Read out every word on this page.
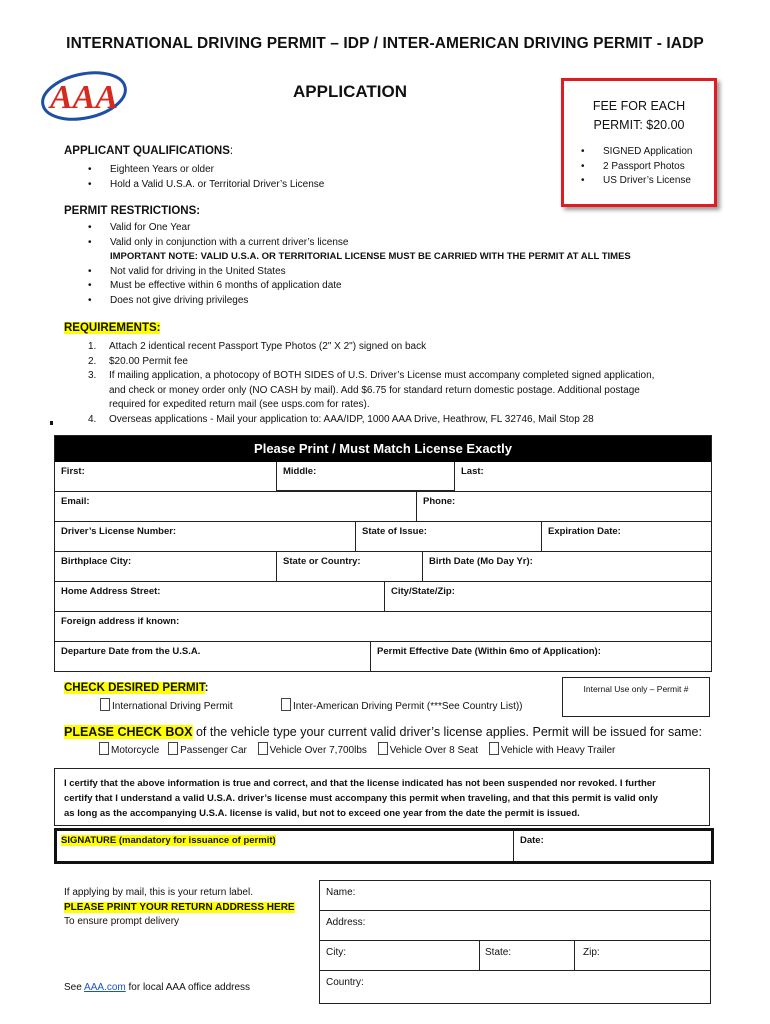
INTERNATIONAL DRIVING PERMIT – IDP / INTER-AMERICAN DRIVING PERMIT - IADP
AAA	APPLICATION
FEE FOR EACH
PERMIT: $20.00
• SIGNED Application
• 2 Passport Photos
• US Driver’s License
APPLICANT QUALIFICATIONS:
• Eighteen Years or older
• Hold a Valid U.S.A. or Territorial Driver’s License
PERMIT RESTRICTIONS:
• Valid for One Year
• Valid only in conjunction with a current driver’s license
IMPORTANT NOTE: VALID U.S.A. OR TERRITORIAL LICENSE MUST BE CARRIED WITH THE PERMIT AT ALL TIMES
• Not valid for driving in the United States
• Must be effective within 6 months of application date
• Does not give driving privileges
REQUIREMENTS:
1. Attach 2 identical recent Passport Type Photos (2" X 2") signed on back
2. $20.00 Permit fee
3. If mailing application, a photocopy of BOTH SIDES of U.S. Driver’s License must accompany completed signed application,
and check or money order only (NO CASH by mail). Add $6.75 for standard return domestic postage. Additional postage
required for expedited return mail (see usps.com for rates).
4. Overseas applications - Mail your application to: AAA/IDP, 1000 AAA Drive, Heathrow, FL 32746, Mail Stop 28
Please Print / Must Match License Exactly
First:	Middle:	Last:
Email:	Phone:
Driver’s License Number:	State of Issue:	Expiration Date:
Birthplace City:	State or Country:	Birth Date (Mo Day Yr):
Home Address Street:	City/State/Zip:
Foreign address if known:
Departure Date from the U.S.A.	Permit Effective Date (Within 6mo of Application):
CHECK DESIRED PERMIT:
International Driving Permit	Inter-American Driving Permit (***See Country List))
Internal Use only – Permit #
PLEASE CHECK BOX of the vehicle type your current valid driver’s license applies. Permit will be issued for same:
Motorcycle Passenger Car Vehicle Over 7,700lbs Vehicle Over 8 Seat Vehicle with Heavy Trailer
I certify that the above information is true and correct, and that the license indicated has not been suspended nor revoked. I further
certify that I understand a valid U.S.A. driver’s license must accompany this permit when traveling, and that this permit is valid only
as long as the accompanying U.S.A. license is valid, but not to exceed one year from the date the permit is issued.
SIGNATURE (mandatory for issuance of permit)	Date:
If applying by mail, this is your return label.
PLEASE PRINT YOUR RETURN ADDRESS HERE
To ensure prompt delivery
See AAA.com for local AAA office address
Name:
Address:
City:	State:	Zip:
Country:
